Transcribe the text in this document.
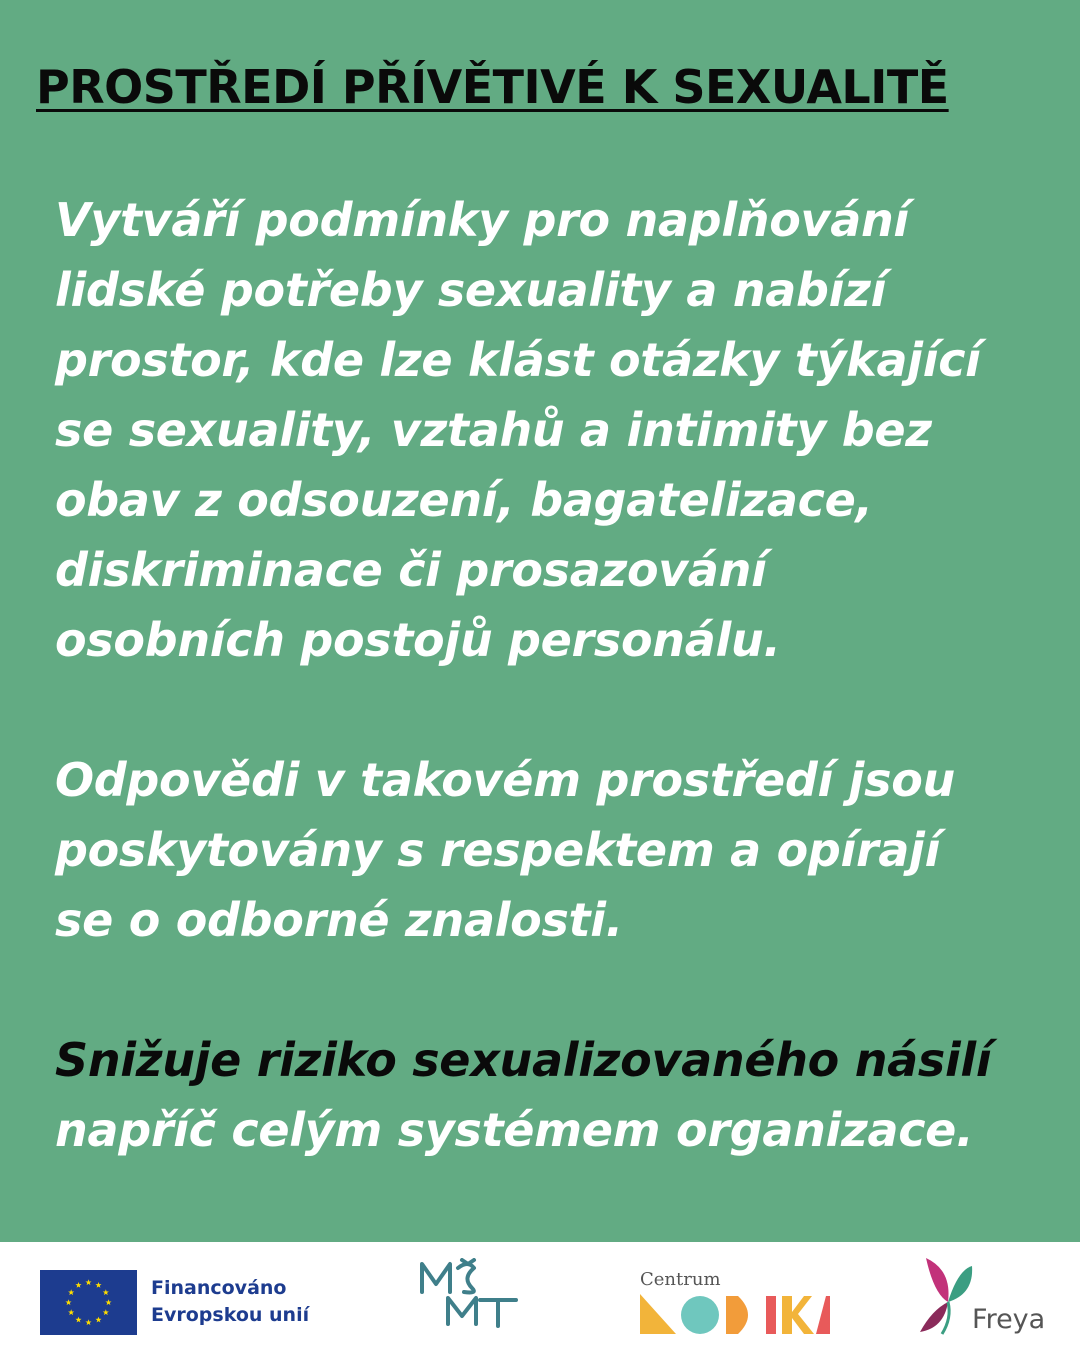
PROSTŘEDÍ PŘÍVĚTIVÉ K SEXUALITĚ

Vytváří podmínky pro naplňování
lidské potřeby sexuality a nabízí
prostor, kde lze klást otázky týkající
se sexuality, vztahů a intimity bez
obav z odsouzení, bagatelizace,
diskriminace či prosazování
osobních postojů personálu.

Odpovědi v takovém prostředí jsou
poskytovány s respektem a opírají
se o odborné znalosti.

Snižuje riziko sexualizovaného násilí
napříč celým systémem organizace.

Financováno
Evropskou unií
Centrum
Freya
